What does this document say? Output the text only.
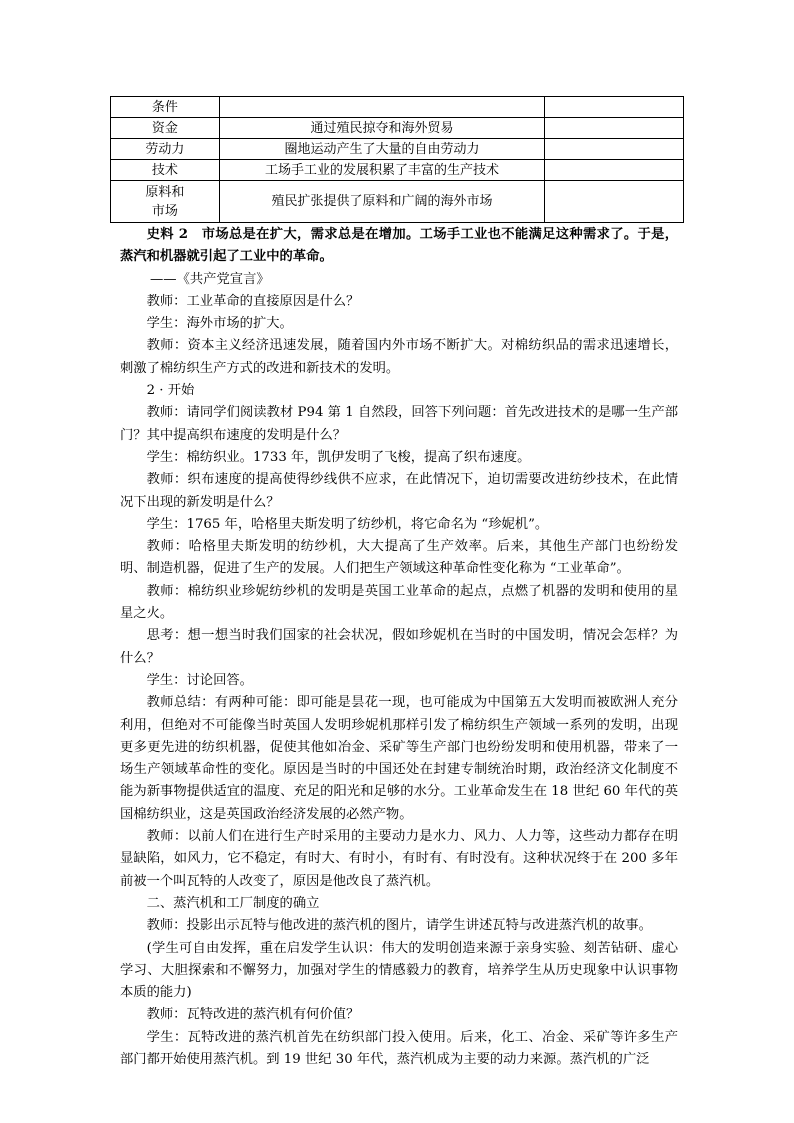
条件		
资金	通过殖民掠夺和海外贸易	
劳动力	圈地运动产生了大量的自由劳动力	
技术	工场手工业的发展积累了丰富的生产技术	

原料和
市场	殖民扩张提供了原料和广阔的海外市场	

史料 2 市场总是在扩大，需求总是在增加。工场手工业也不能满足这种需求了。于是，蒸汽和机器就引起了工业中的革命。

——《共产党宣言》

教师：工业革命的直接原因是什么？

学生：海外市场的扩大。

教师：资本主义经济迅速发展，随着国内外市场不断扩大。对棉纺织品的需求迅速增长，刺激了棉纺织生产方式的改进和新技术的发明。

2 · 开始

教师：请同学们阅读教材 P94 第 1 自然段，回答下列问题：首先改进技术的是哪一生产部门？其中提高织布速度的发明是什么？

学生：棉纺织业。1733 年，凯伊发明了飞梭，提高了织布速度。

教师：织布速度的提高使得纱线供不应求，在此情况下，迫切需要改进纺纱技术，在此情况下出现的新发明是什么？

学生：1765 年，哈格里夫斯发明了纺纱机，将它命名为 “珍妮机”。

教师：哈格里夫斯发明的纺纱机，大大提高了生产效率。后来，其他生产部门也纷纷发明、制造机器，促进了生产的发展。人们把生产领域这种革命性变化称为 “工业革命”。

教师：棉纺织业珍妮纺纱机的发明是英国工业革命的起点，点燃了机器的发明和使用的星星之火。

思考：想一想当时我们国家的社会状况，假如珍妮机在当时的中国发明，情况会怎样？为什么？

学生：讨论回答。

教师总结：有两种可能：即可能是昙花一现，也可能成为中国第五大发明而被欧洲人充分利用，但绝对不可能像当时英国人发明珍妮机那样引发了棉纺织生产领域一系列的发明，出现更多更先进的纺织机器，促使其他如冶金、采矿等生产部门也纷纷发明和使用机器，带来了一场生产领域革命性的变化。原因是当时的中国还处在封建专制统治时期，政治经济文化制度不能为新事物提供适宜的温度、充足的阳光和足够的水分。工业革命发生在 18 世纪 60 年代的英国棉纺织业，这是英国政治经济发展的必然产物。

教师：以前人们在进行生产时采用的主要动力是水力、风力、人力等，这些动力都存在明显缺陷，如风力，它不稳定，有时大、有时小，有时有、有时没有。这种状况终于在 200 多年前被一个叫瓦特的人改变了，原因是他改良了蒸汽机。

二、蒸汽机和工厂制度的确立

教师：投影出示瓦特与他改进的蒸汽机的图片，请学生讲述瓦特与改进蒸汽机的故事。

(学生可自由发挥，重在启发学生认识：伟大的发明创造来源于亲身实验、刻苦钻研、虚心学习、大胆探索和不懈努力，加强对学生的情感毅力的教育，培养学生从历史现象中认识事物本质的能力)

教师：瓦特改进的蒸汽机有何价值？

学生：瓦特改进的蒸汽机首先在纺织部门投入使用。后来，化工、冶金、采矿等许多生产部门都开始使用蒸汽机。到 19 世纪 30 年代，蒸汽机成为主要的动力来源。蒸汽机的广泛
